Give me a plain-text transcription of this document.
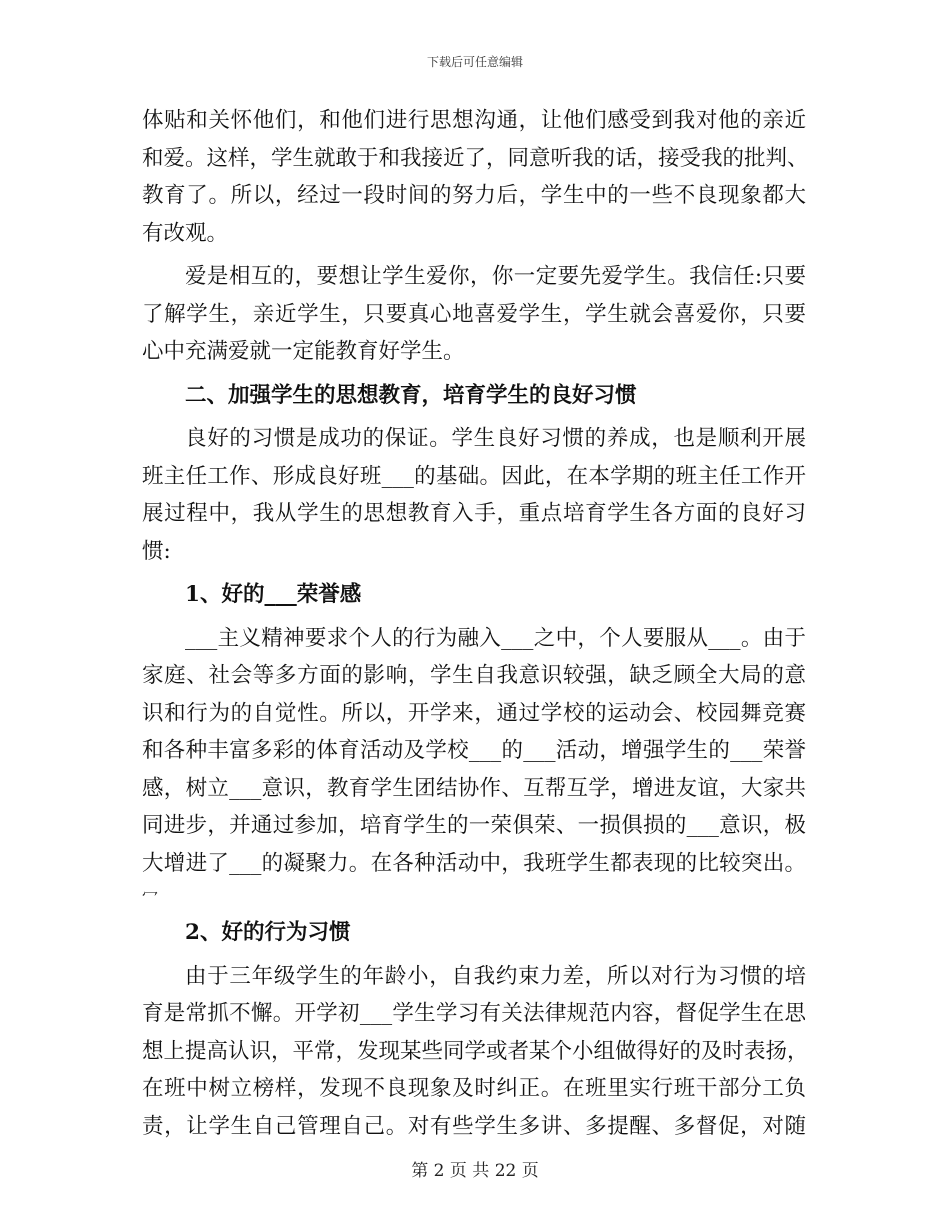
下载后可任意编辑
体贴和关怀他们，和他们进行思想沟通，让他们感受到我对他的亲近
和爱。这样，学生就敢于和我接近了，同意听我的话，接受我的批判、
教育了。所以，经过一段时间的努力后，学生中的一些不良现象都大
有改观。
爱是相互的，要想让学生爱你，你一定要先爱学生。我信任:只要
了解学生，亲近学生，只要真心地喜爱学生，学生就会喜爱你，只要
心中充满爱就一定能教育好学生。
二、加强学生的思想教育，培育学生的良好习惯
良好的习惯是成功的保证。学生良好习惯的养成，也是顺利开展
班主任工作、形成良好班___的基础。因此，在本学期的班主任工作开
展过程中，我从学生的思想教育入手，重点培育学生各方面的良好习
惯:
1、好的___荣誉感
___主义精神要求个人的行为融入___之中，个人要服从___。由于
家庭、社会等多方面的影响，学生自我意识较强，缺乏顾全大局的意
识和行为的自觉性。所以，开学来，通过学校的运动会、校园舞竞赛
和各种丰富多彩的体育活动及学校___的___活动，增强学生的___荣誉
感，树立___意识，教育学生团结协作、互帮互学，增进友谊，大家共
同进步，并通过参加，培育学生的一荣俱荣、一损俱损的___意识，极
大增进了___的凝聚力。在各种活动中，我班学生都表现的比较突出。
冖
2、好的行为习惯
由于三年级学生的年龄小，自我约束力差，所以对行为习惯的培
育是常抓不懈。开学初___学生学习有关法律规范内容，督促学生在思
想上提高认识，平常，发现某些同学或者某个小组做得好的及时表扬，
在班中树立榜样，发现不良现象及时纠正。在班里实行班干部分工负
责，让学生自己管理自己。对有些学生多讲、多提醒、多督促，对随
第 2 页 共 22 页
